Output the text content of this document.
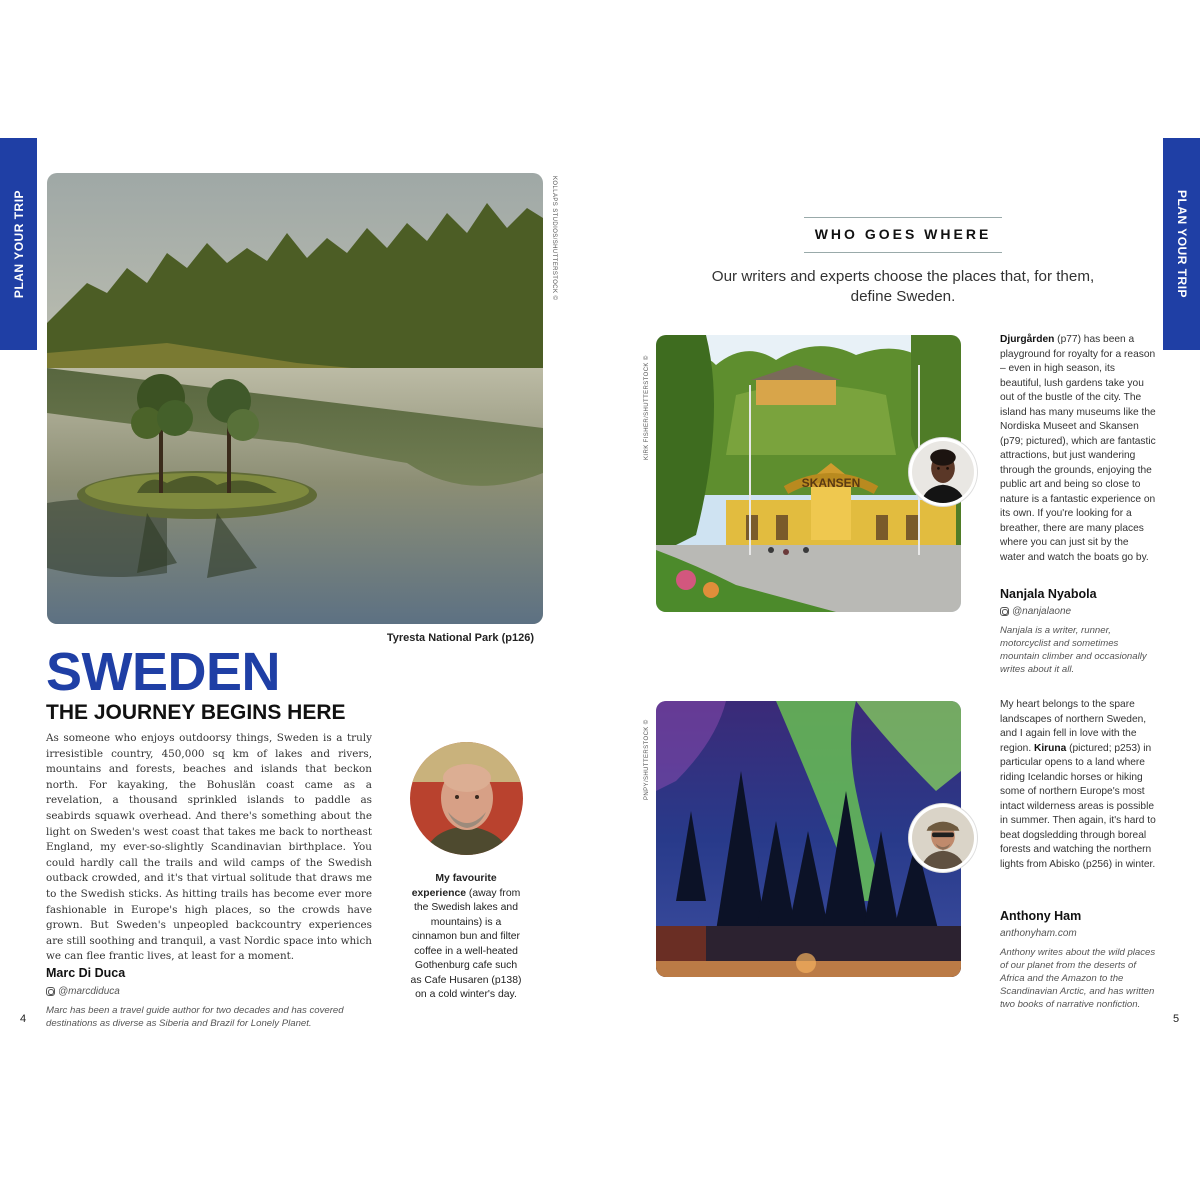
PLAN YOUR TRIP	PLAN YOUR TRIP
KOLLAPS STUDIOS/SHUTTERSTOCK ©
Tyresta National Park (p126)
SWEDEN
THE JOURNEY BEGINS HERE

As someone who enjoys outdoorsy things, Sweden is a truly irresistible country, 450,000 sq km of lakes and rivers, mountains and forests, beaches and islands that beckon north. For kayaking, the Bohuslän coast came as a revelation, a thousand sprinkled islands to paddle as seabirds squawk overhead. And there's something about the light on Sweden's west coast that takes me back to northeast England, my ever-so-slightly Scandinavian birthplace. You could hardly call the trails and wild camps of the Swedish outback crowded, and it's that virtual solitude that draws me to the Swedish sticks. As hitting trails has become ever more fashionable in Europe's high places, so the crowds have grown. But Sweden's unpeopled backcountry experiences are still soothing and tranquil, a vast Nordic space into which we can flee frantic lives, at least for a moment.

Marc Di Duca
@marcdiduca

Marc has been a travel guide author for two decades and has covered destinations as diverse as Siberia and Brazil for Lonely Planet.

My favourite experience (away from the Swedish lakes and mountains) is a cinnamon bun and filter coffee in a well-heated Gothenburg cafe such as Cafe Husaren (p138) on a cold winter's day.
4
WHO GOES WHERE

Our writers and experts choose the places that, for them, define Sweden.

SKANSEN
KIRK FISHER/SHUTTERSTOCK ©

Djurgården (p77) has been a playground for royalty for a reason – even in high season, its beautiful, lush gardens take you out of the bustle of the city. The island has many museums like the Nordiska Museet and Skansen (p79; pictured), which are fantastic attractions, but just wandering through the grounds, enjoying the public art and being so close to nature is a fantastic experience on its own. If you're looking for a breather, there are many places where you can just sit by the water and watch the boats go by.

Nanjala Nyabola
@nanjalaone

Nanjala is a writer, runner, motorcyclist and sometimes mountain climber and occasionally writes about it all.

PNPY/SHUTTERSTOCK ©

My heart belongs to the spare landscapes of northern Sweden, and I again fell in love with the region. Kiruna (pictured; p253) in particular opens to a land where riding Icelandic horses or hiking some of northern Europe's most intact wilderness areas is possible in summer. Then again, it's hard to beat dogsledding through boreal forests and watching the northern lights from Abisko (p256) in winter.

Anthony Ham
anthonyham.com

Anthony writes about the wild places of our planet from the deserts of Africa and the Amazon to the Scandinavian Arctic, and has written two books of narrative nonfiction.

5
